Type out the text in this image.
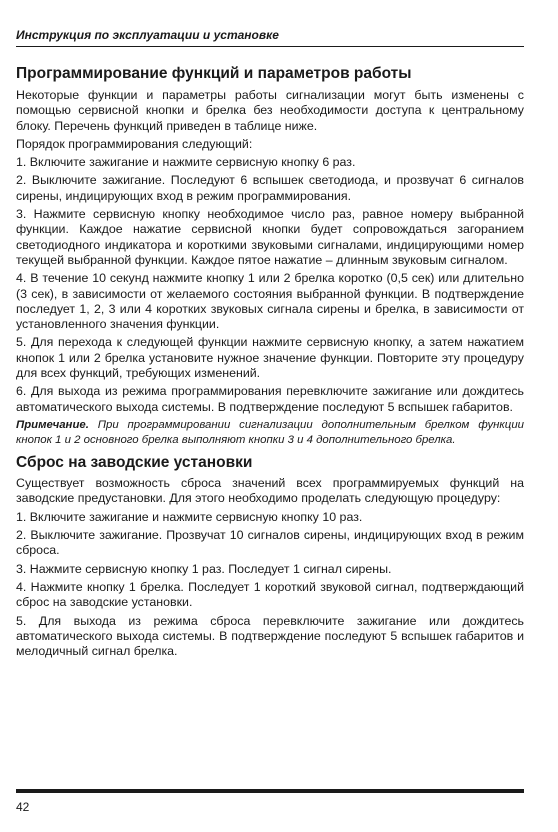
Инструкция по эксплуатации и установке
Программирование функций и параметров работы

Некоторые функции и параметры работы сигнализации могут быть изменены с помощью сервисной кнопки и брелка без необходимости доступа к центральному блоку. Перечень функций приведен в таблице ниже.

Порядок программирования следующий:

1. Включите зажигание и нажмите сервисную кнопку 6 раз.

2. Выключите зажигание. Последуют 6 вспышек светодиода, и прозвучат 6 сигналов сирены, индицирующих вход в режим программирования.

3. Нажмите сервисную кнопку необходимое число раз, равное номеру выбранной функции. Каждое нажатие сервисной кнопки будет сопровождаться загоранием светодиодного индикатора и короткими звуковыми сигналами, индицирующими номер текущей выбранной функции. Каждое пятое нажатие – длинным звуковым сигналом.

4. В течение 10 секунд нажмите кнопку 1 или 2 брелка коротко (0,5 сек) или длительно (3 сек), в зависимости от желаемого состояния выбранной функции. В подтверждение последует 1, 2, 3 или 4 коротких звуковых сигнала сирены и брелка, в зависимости от установленного значения функции.

5. Для перехода к следующей функции нажмите сервисную кнопку, а затем нажатием кнопок 1 или 2 брелка установите нужное значение функции. Повторите эту процедуру для всех функций, требующих изменений.

6. Для выхода из режима программирования перевключите зажигание или дождитесь автоматического выхода системы. В подтверждение последуют 5 вспышек габаритов.

Примечание. При программировании сигнализации дополнительным брелком функции кнопок 1 и 2 основного брелка выполняют кнопки 3 и 4 дополнительного брелка.

Сброс на заводские установки

Существует возможность сброса значений всех программируемых функций на заводские предустановки. Для этого необходимо проделать следующую процедуру:

1. Включите зажигание и нажмите сервисную кнопку 10 раз.

2. Выключите зажигание. Прозвучат 10 сигналов сирены, индицирующих вход в режим сброса.

3. Нажмите сервисную кнопку 1 раз. Последует 1 сигнал сирены.

4. Нажмите кнопку 1 брелка. Последует 1 короткий звуковой сигнал, подтверждающий сброс на заводские установки.

5. Для выхода из режима сброса перевключите зажигание или дождитесь автоматического выхода системы. В подтверждение последуют 5 вспышек габаритов и мелодичный сигнал брелка.

42
